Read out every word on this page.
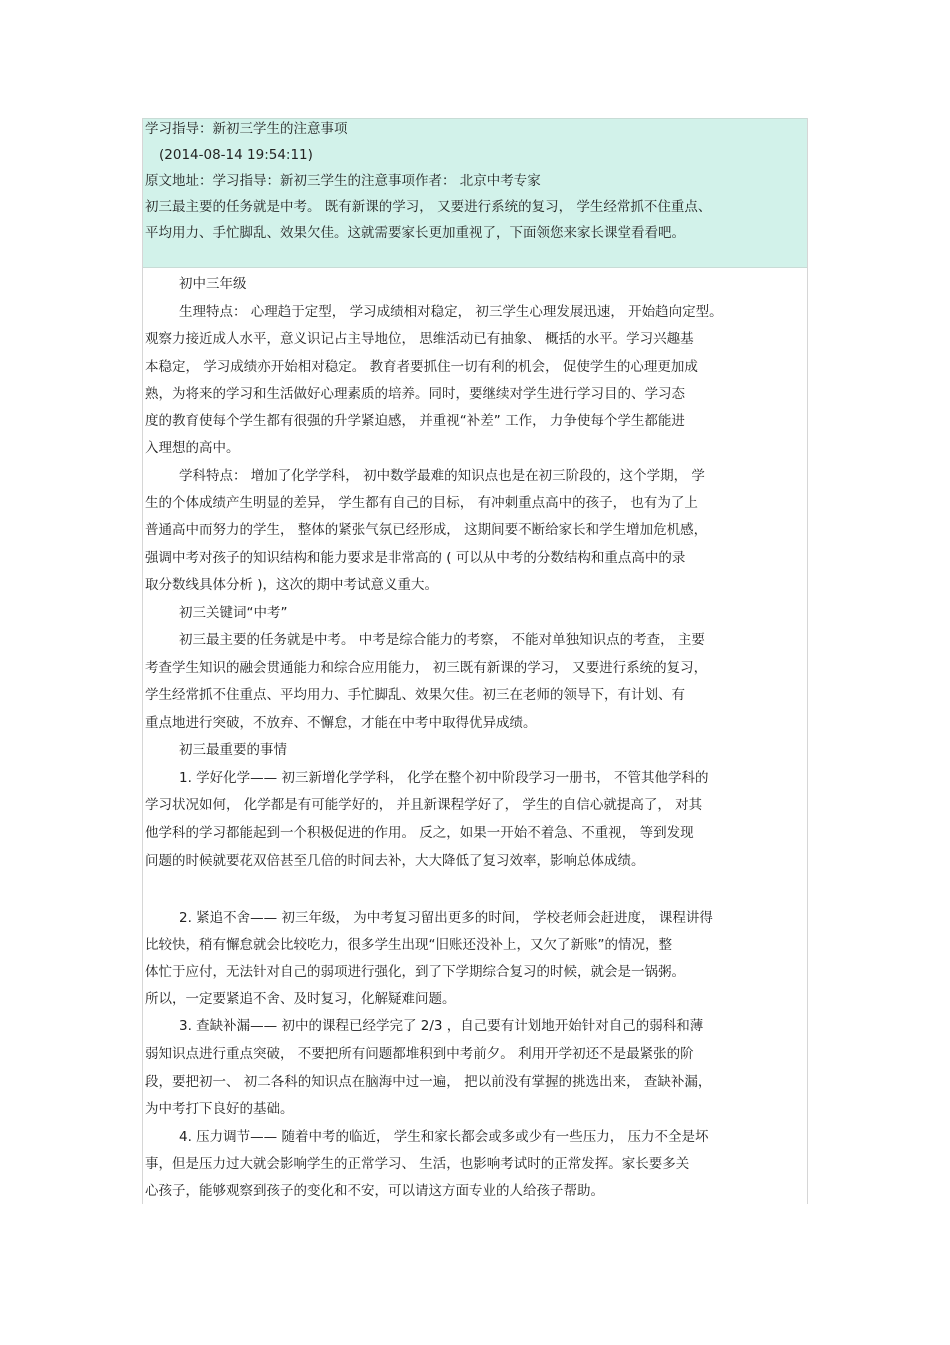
学习指导：新初三学生的注意事项
(2014-08-14 19:54:11)
原文地址：学习指导：新初三学生的注意事项作者： 北京中考专家
初三最主要的任务就是中考。 既有新课的学习， 又要进行系统的复习， 学生经常抓不住重点、
平均用力、手忙脚乱、效果欠佳。这就需要家长更加重视了，下面领您来家长课堂看看吧。
初中三年级
生理特点： 心理趋于定型， 学习成绩相对稳定， 初三学生心理发展迅速， 开始趋向定型。
观察力接近成人水平，意义识记占主导地位， 思维活动已有抽象、 概括的水平。学习兴趣基
本稳定， 学习成绩亦开始相对稳定。 教育者要抓住一切有利的机会， 促使学生的心理更加成
熟，为将来的学习和生活做好心理素质的培养。同时，要继续对学生进行学习目的、学习态
度的教育使每个学生都有很强的升学紧迫感， 并重视“补差” 工作， 力争使每个学生都能进
入理想的高中。
学科特点： 增加了化学学科， 初中数学最难的知识点也是在初三阶段的，这个学期， 学
生的个体成绩产生明显的差异， 学生都有自己的目标， 有冲刺重点高中的孩子， 也有为了上
普通高中而努力的学生， 整体的紧张气氛已经形成， 这期间要不断给家长和学生增加危机感，
强调中考对孩子的知识结构和能力要求是非常高的 ( 可以从中考的分数结构和重点高中的录
取分数线具体分析 )，这次的期中考试意义重大。
初三关键词“中考”
初三最主要的任务就是中考。 中考是综合能力的考察， 不能对单独知识点的考查， 主要
考查学生知识的融会贯通能力和综合应用能力， 初三既有新课的学习， 又要进行系统的复习，
学生经常抓不住重点、平均用力、手忙脚乱、效果欠佳。初三在老师的领导下，有计划、有
重点地进行突破，不放弃、不懈怠，才能在中考中取得优异成绩。
初三最重要的事情
1. 学好化学—— 初三新增化学学科， 化学在整个初中阶段学习一册书， 不管其他学科的
学习状况如何， 化学都是有可能学好的， 并且新课程学好了， 学生的自信心就提高了， 对其
他学科的学习都能起到一个积极促进的作用。 反之，如果一开始不着急、不重视， 等到发现
问题的时候就要花双倍甚至几倍的时间去补，大大降低了复习效率，影响总体成绩。
2. 紧追不舍—— 初三年级， 为中考复习留出更多的时间， 学校老师会赶进度， 课程讲得
比较快，稍有懈怠就会比较吃力，很多学生出现“旧账还没补上，又欠了新账”的情况，整
体忙于应付，无法针对自己的弱项进行强化，到了下学期综合复习的时候，就会是一锅粥。
所以，一定要紧追不舍、及时复习，化解疑难问题。
3. 查缺补漏—— 初中的课程已经学完了 2/3 ，自己要有计划地开始针对自己的弱科和薄
弱知识点进行重点突破， 不要把所有问题都堆积到中考前夕。 利用开学初还不是最紧张的阶
段，要把初一、 初二各科的知识点在脑海中过一遍， 把以前没有掌握的挑选出来， 查缺补漏，
为中考打下良好的基础。
4. 压力调节—— 随着中考的临近， 学生和家长都会或多或少有一些压力， 压力不全是坏
事，但是压力过大就会影响学生的正常学习、 生活，也影响考试时的正常发挥。家长要多关
心孩子，能够观察到孩子的变化和不安，可以请这方面专业的人给孩子帮助。
